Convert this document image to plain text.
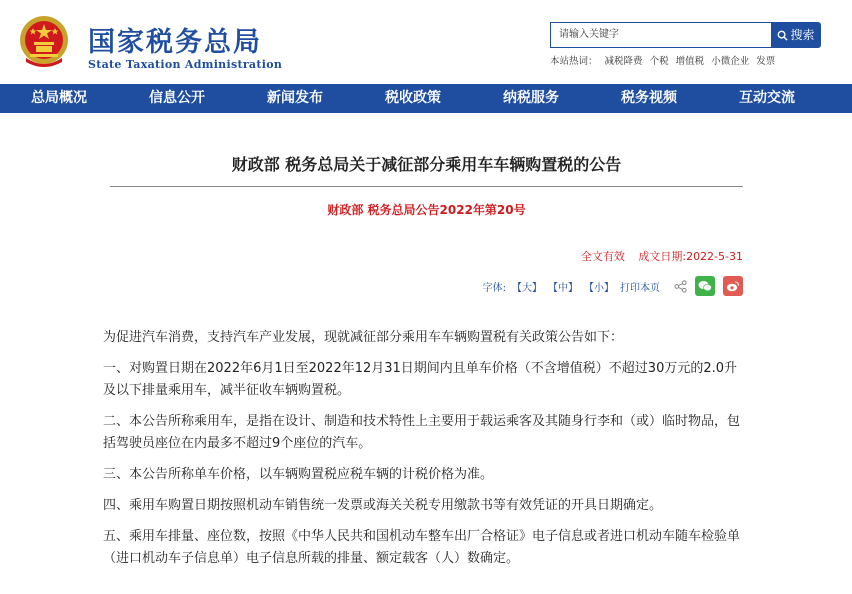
国家税务总局
State Taxation Administration
请输入关键字	搜索
本站热词： 减税降费 个税 增值税 小微企业 发票
总局概况	信息公开	新闻发布	税收政策	纳税服务	税务视频	互动交流
财政部 税务总局关于减征部分乘用车车辆购置税的公告
财政部 税务总局公告2022年第20号
全文有效 成文日期:2022-5-31
字体: 【大】 【中】 【小】 打印本页

为促进汽车消费，支持汽车产业发展，现就减征部分乘用车车辆购置税有关政策公告如下：

一、对购置日期在2022年6月1日至2022年12月31日期间内且单车价格（不含增值税）不超过30万元的2.0升及以下排量乘用车，减半征收车辆购置税。

二、本公告所称乘用车，是指在设计、制造和技术特性上主要用于载运乘客及其随身行李和（或）临时物品，包括驾驶员座位在内最多不超过9个座位的汽车。

三、本公告所称单车价格，以车辆购置税应税车辆的计税价格为准。

四、乘用车购置日期按照机动车销售统一发票或海关关税专用缴款书等有效凭证的开具日期确定。

五、乘用车排量、座位数，按照《中华人民共和国机动车整车出厂合格证》电子信息或者进口机动车随车检验单（进口机动车子信息单）电子信息所载的排量、额定载客（人）数确定。
